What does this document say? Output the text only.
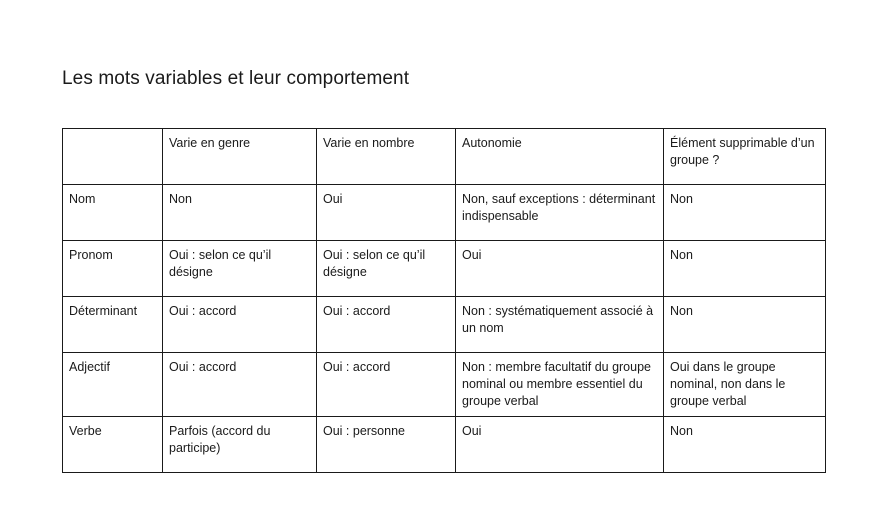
Les mots variables et leur comportement
	Varie en genre	Varie en nombre	Autonomie	Élément supprimable d’un groupe ?
Nom	Non	Oui	Non, sauf exceptions : déterminant indispensable	Non
Pronom	Oui : selon ce qu’il désigne	Oui : selon ce qu’il désigne	Oui	Non
Déterminant	Oui : accord	Oui : accord	Non : systématiquement associé à un nom	Non
Adjectif	Oui : accord	Oui : accord	Non : membre facultatif du groupe nominal ou membre essentiel du groupe verbal	Oui dans le groupe nominal, non dans le groupe verbal
Verbe	Parfois (accord du participe)	Oui : personne	Oui	Non
